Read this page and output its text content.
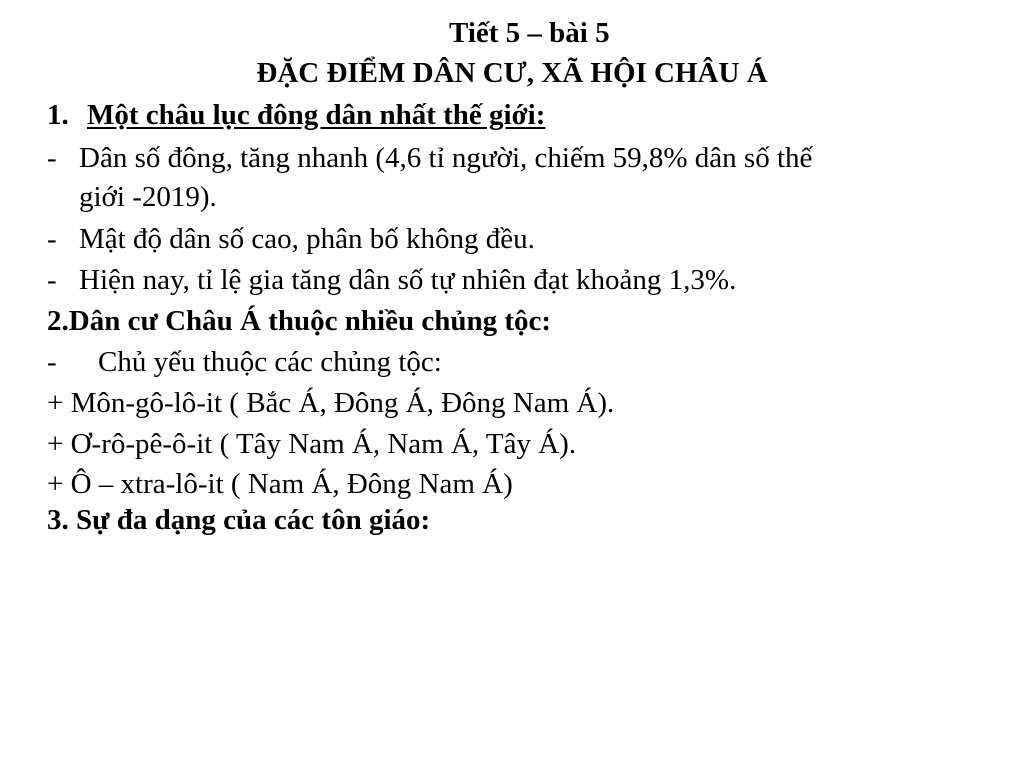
Tiết 5 – bài 5
ĐẶC ĐIỂM DÂN CƯ, XÃ HỘI CHÂU Á
1. Một châu lục đông dân nhất thế giới:
- Dân số đông, tăng nhanh (4,6 tỉ người, chiếm 59,8% dân số thế
giới -2019).
- Mật độ dân số cao, phân bố không đều.
- Hiện nay, tỉ lệ gia tăng dân số tự nhiên đạt khoảng 1,3%.
2.Dân cư Châu Á thuộc nhiều chủng tộc:
- Chủ yếu thuộc các chủng tộc:
+ Môn-gô-lô-it ( Bắc Á, Đông Á, Đông Nam Á).
+ Ơ-rô-pê-ô-it ( Tây Nam Á, Nam Á, Tây Á).
+ Ô – xtra-lô-it ( Nam Á, Đông Nam Á)
3. Sự đa dạng của các tôn giáo:
